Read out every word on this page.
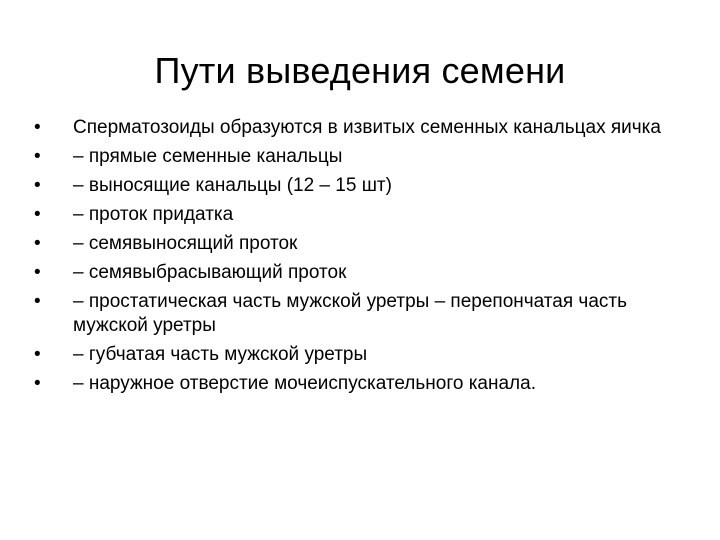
Пути выведения семени
•	Сперматозоиды образуются в извитых семенных канальцах яичка
•	– прямые семенные канальцы
•	– выносящие канальцы (12 – 15 шт)
•	– проток придатка
•	– семявыносящий проток
•	– семявыбрасывающий проток
•	– простатическая часть мужской уретры – перепончатая часть мужской уретры
•	– губчатая часть мужской уретры
•	– наружное отверстие мочеиспускательного канала.
